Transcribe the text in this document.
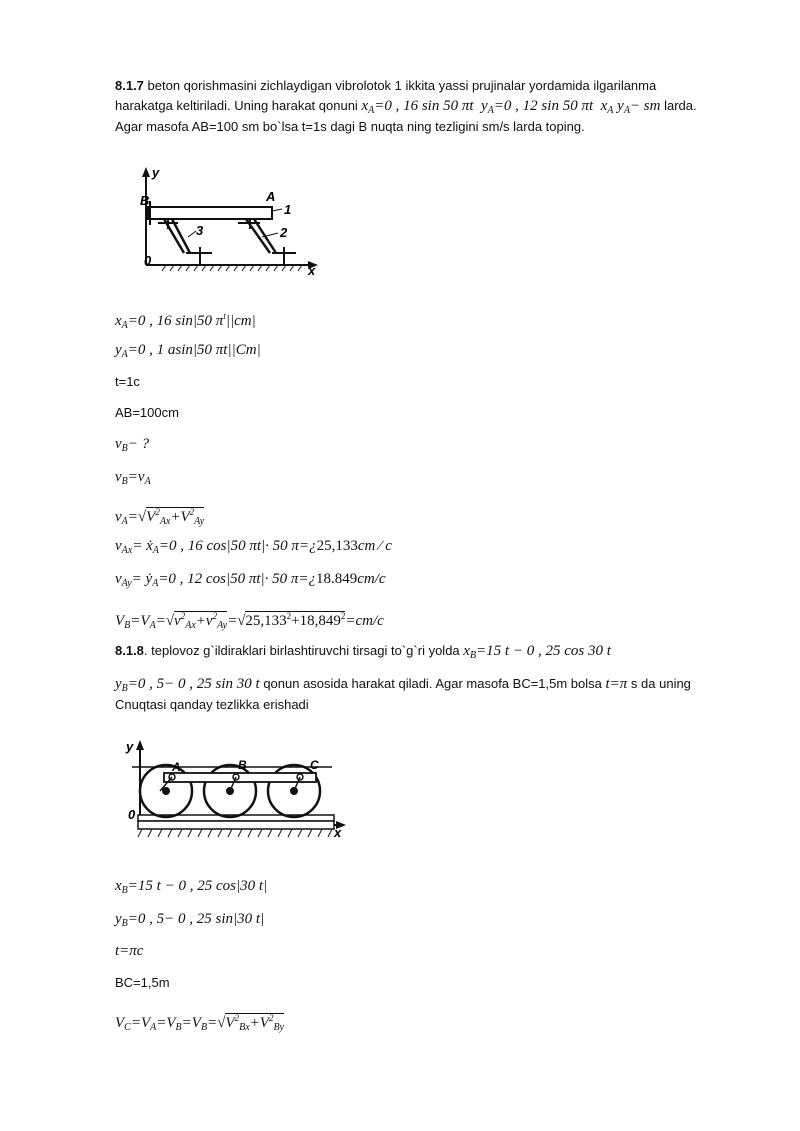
8.1.7 beton qorishmasini zichlaydigan vibrolotok 1 ikkita yassi prujinalar yordamida ilgarilanma
harakatga keltiriladi. Uning harakat qonuni $x_A=0$ , 16 sin 50 πt $y_A=0$ , 12 sin 50 πt $x_A$ $y_A-$ sm larda.
Agar masofa AB=100 sm bo`lsa t=1s dagi B nuqta ning tezligini sm/s larda toping.
y
B	A
1
2
3
0
x
$x_A=0$ , 16 sin|50 $\pi^t||cm|$
$y_A=0$ , 1 asin|50 πt||Cm|
t=1c
AB=100cm
$v_B-$ ?
$v_B=v_A$
$v_A=√V^2_{Ax}+V^2_{Ay}$
$v_{Ax}=$ ẋ$_A$=0 , 16 cos|50 πt|· 50 π=¿25,133cm ⁄ c
$v_{Ay}=$ ẏ$_A$=0 , 12 cos|50 πt|· 50 π=¿18.849cm/c
$V_B=V_A=√v^2_{Ax}+v^2_{Ay}=√25,133^2+18,849^2=cm/c$
8.1.8. teplovoz g`ildiraklari birlashtiruvchi tirsagi to`g`ri yolda $x_B=15$ t − 0 , 25 cos 30 t
$y_B=0$ , 5− 0 , 25 sin 30 t qonun asosida harakat qiladi. Agar masofa BC=1,5m bolsa t=π s da uning
Cnuqtasi qanday tezlikka erishadi
y
A	B	C
0
x
$x_B=15$ t − 0 , 25 cos|30 t|
$y_B=0$ , 5− 0 , 25 sin|30 t|
t=πc
BC=1,5m
$V_C=V_A=V_B=V_B=√V^2_{Bx}+V^2_{By}$
